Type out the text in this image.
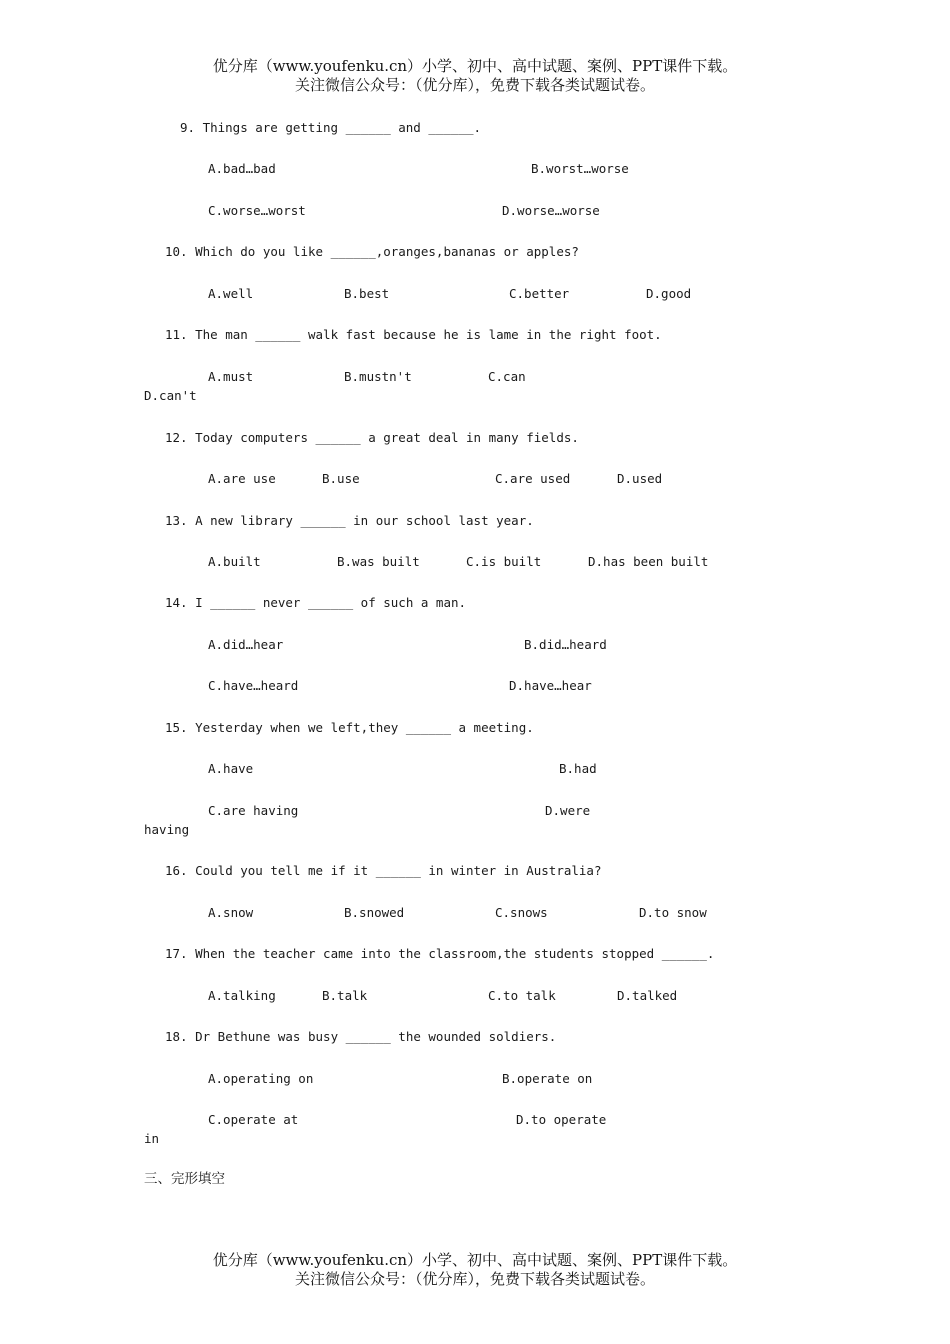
优分库（www.youfenku.cn）小学、初中、高中试题、案例、PPT课件下载。
关注微信公众号：（优分库），免费下载各类试题试卷。
9. Things are getting ______ and ______.
A.bad…bad	B.worst…worse
C.worse…worst	D.worse…worse
10. Which do you like ______,oranges,bananas or apples?
A.well	B.best	C.better	D.good
11. The man ______ walk fast because he is lame in the right foot.
A.must	B.mustn't	C.can
D.can't
12. Today computers ______ a great deal in many fields.
A.are use	B.use	C.are used	D.used
13. A new library ______ in our school last year.
A.built	B.was built	C.is built	D.has been built
14. I ______ never ______ of such a man.
A.did…hear	B.did…heard
C.have…heard	D.have…hear
15. Yesterday when we left,they ______ a meeting.
A.have	B.had
C.are having	D.were
having
16. Could you tell me if it ______ in winter in Australia?
A.snow	B.snowed	C.snows	D.to snow
17. When the teacher came into the classroom,the students stopped ______.
A.talking	B.talk	C.to talk	D.talked
18. Dr Bethune was busy ______ the wounded soldiers.
A.operating on	B.operate on
C.operate at	D.to operate
in
三、完形填空
优分库（www.youfenku.cn）小学、初中、高中试题、案例、PPT课件下载。
关注微信公众号：（优分库），免费下载各类试题试卷。
